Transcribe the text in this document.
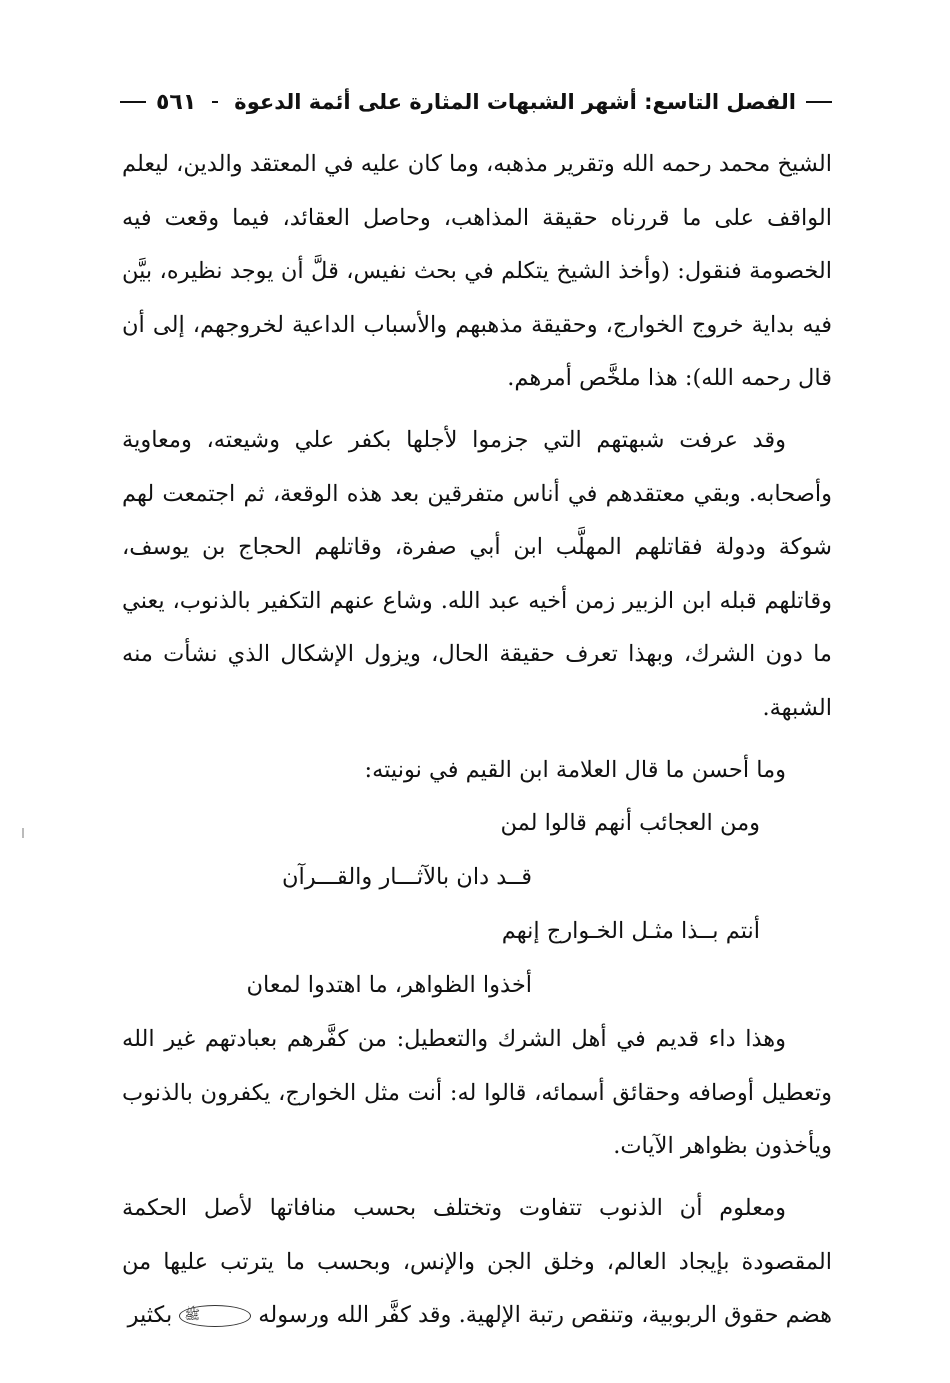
الفصل التاسع: أشهر الشبهات المثارة على أئمة الدعوة
٥٦١

الشيخ محمد رحمه الله وتقرير مذهبه، وما كان عليه في المعتقد والدين، ليعلم الواقف على ما قررناه حقيقة المذاهب، وحاصل العقائد، فيما وقعت فيه الخصومة فنقول: (وأخذ الشيخ يتكلم في بحث نفيس، قلَّ أن يوجد نظيره، بيَّن فيه بداية خروج الخوارج، وحقيقة مذهبهم والأسباب الداعية لخروجهم، إلى أن قال رحمه الله): هذا ملخَّص أمرهم.

وقد عرفت شبهتهم التي جزموا لأجلها بكفر علي وشيعته، ومعاوية وأصحابه. وبقي معتقدهم في أناس متفرقين بعد هذه الوقعة، ثم اجتمعت لهم شوكة ودولة فقاتلهم المهلَّب ابن أبي صفرة، وقاتلهم الحجاج بن يوسف، وقاتلهم قبله ابن الزبير زمن أخيه عبد الله. وشاع عنهم التكفير بالذنوب، يعني ما دون الشرك، وبهذا تعرف حقيقة الحال، ويزول الإشكال الذي نشأت منه الشبهة.

وما أحسن ما قال العلامة ابن القيم في نونيته:

ومن العجائب أنهم قالوا لمن
قــد دان بالآثـــار والقـــرآن
أنتم بــذا مثـل الخـوارج إنهم
أخذوا الظواهر، ما اهتدوا لمعان

وهذا داء قديم في أهل الشرك والتعطيل: من كفَّرهم بعبادتهم غير الله وتعطيل أوصافه وحقائق أسمائه، قالوا له: أنت مثل الخوارج، يكفرون بالذنوب ويأخذون بظواهر الآيات.

ومعلوم أن الذنوب تتفاوت وتختلف بحسب منافاتها لأصل الحكمة المقصودة بإيجاد العالم، وخلق الجن والإنس، وبحسب ما يترتب عليها من هضم حقوق الربوبية، وتنقص رتبة الإلهية. وقد كفَّر الله ورسوله ﷺ بكثير
